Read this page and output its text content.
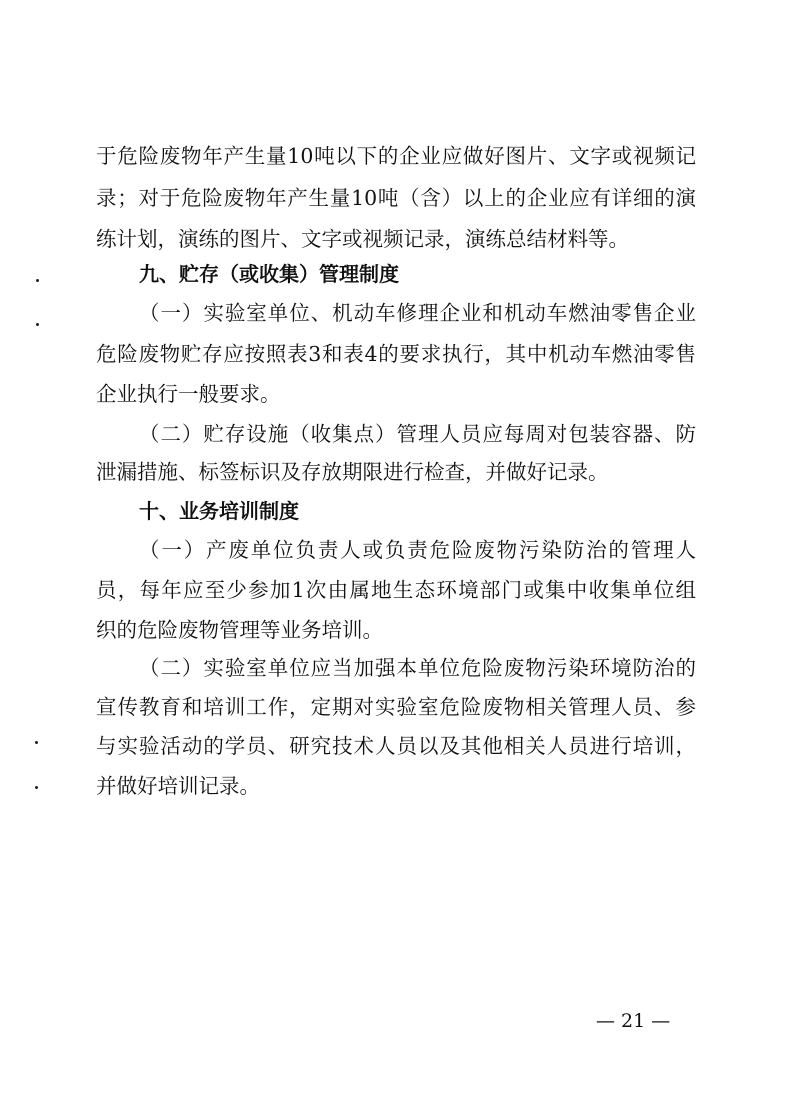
于危险废物年产生量10吨以下的企业应做好图片、文字或视频记
录；对于危险废物年产生量10吨（含）以上的企业应有详细的演
练计划，演练的图片、文字或视频记录，演练总结材料等。
九、贮存（或收集）管理制度
（一）实验室单位、机动车修理企业和机动车燃油零售企业
危险废物贮存应按照表3和表4的要求执行，其中机动车燃油零售
企业执行一般要求。
（二）贮存设施（收集点）管理人员应每周对包装容器、防
泄漏措施、标签标识及存放期限进行检查，并做好记录。
十、业务培训制度
（一）产废单位负责人或负责危险废物污染防治的管理人
员，每年应至少参加1次由属地生态环境部门或集中收集单位组
织的危险废物管理等业务培训。
（二）实验室单位应当加强本单位危险废物污染环境防治的
宣传教育和培训工作，定期对实验室危险废物相关管理人员、参
与实验活动的学员、研究技术人员以及其他相关人员进行培训，
并做好培训记录。
— 21 —
